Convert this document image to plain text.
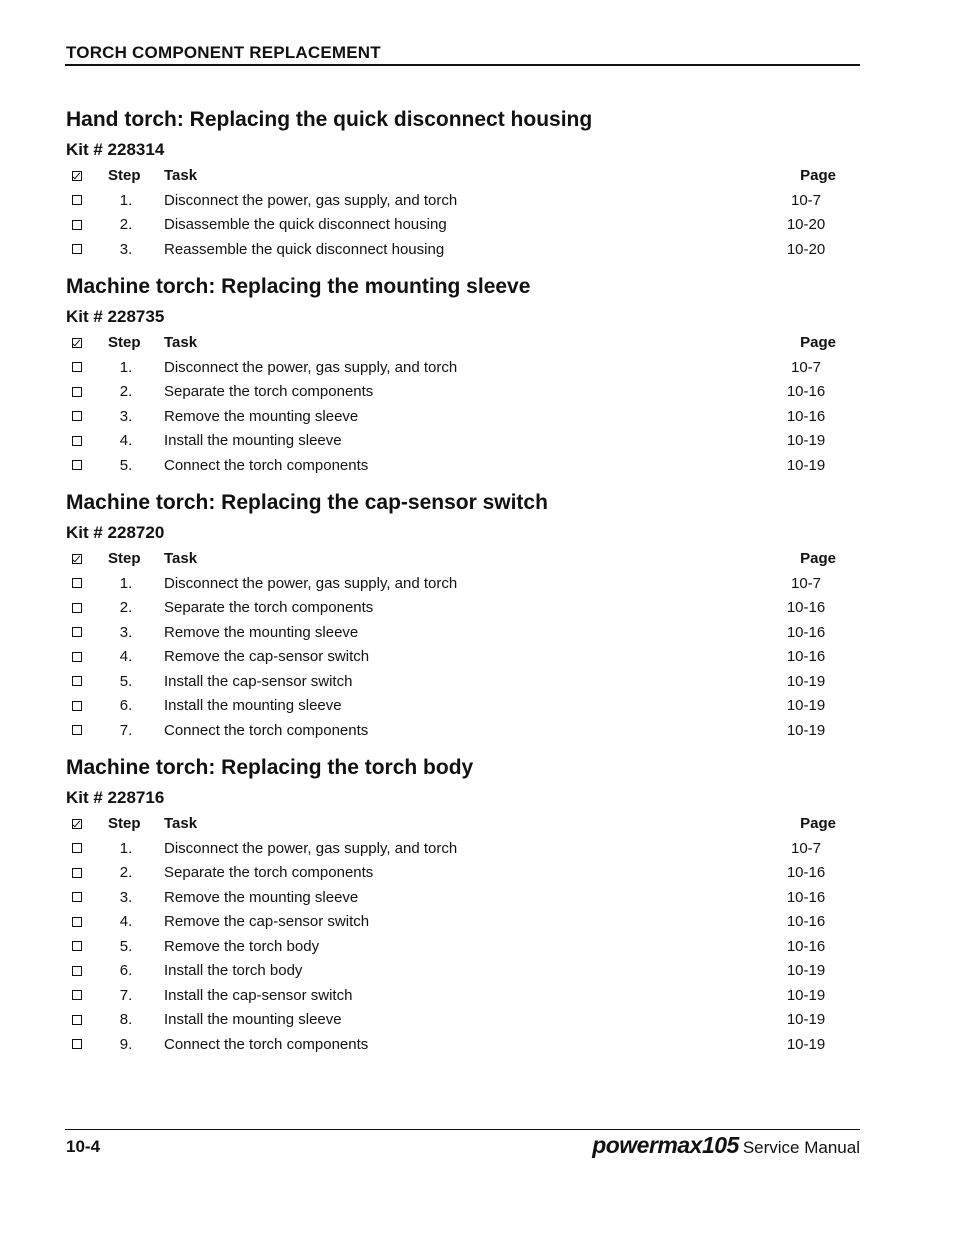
TORCH COMPONENT REPLACEMENT
Hand torch: Replacing the quick disconnect housing
Kit # 228314
Step Task	Page
1.	Disconnect the power, gas supply, and torch	10-7
2.	Disassemble the quick disconnect housing	10-20
3.	Reassemble the quick disconnect housing	10-20
Machine torch: Replacing the mounting sleeve
Kit # 228735
Step Task	Page
1.	Disconnect the power, gas supply, and torch	10-7
2.	Separate the torch components	10-16
3.	Remove the mounting sleeve	10-16
4.	Install the mounting sleeve	10-19
5.	Connect the torch components	10-19
Machine torch: Replacing the cap-sensor switch
Kit # 228720
Step Task	Page
1.	Disconnect the power, gas supply, and torch	10-7
2.	Separate the torch components	10-16
3.	Remove the mounting sleeve	10-16
4.	Remove the cap-sensor switch	10-16
5.	Install the cap-sensor switch	10-19
6.	Install the mounting sleeve	10-19
7.	Connect the torch components	10-19
Machine torch: Replacing the torch body
Kit # 228716
Step Task	Page
1.	Disconnect the power, gas supply, and torch	10-7
2.	Separate the torch components	10-16
3.	Remove the mounting sleeve	10-16
4.	Remove the cap-sensor switch	10-16
5.	Remove the torch body	10-16
6.	Install the torch body	10-19
7.	Install the cap-sensor switch	10-19
8.	Install the mounting sleeve	10-19
9.	Connect the torch components	10-19
10-4	powermax105 Service Manual
